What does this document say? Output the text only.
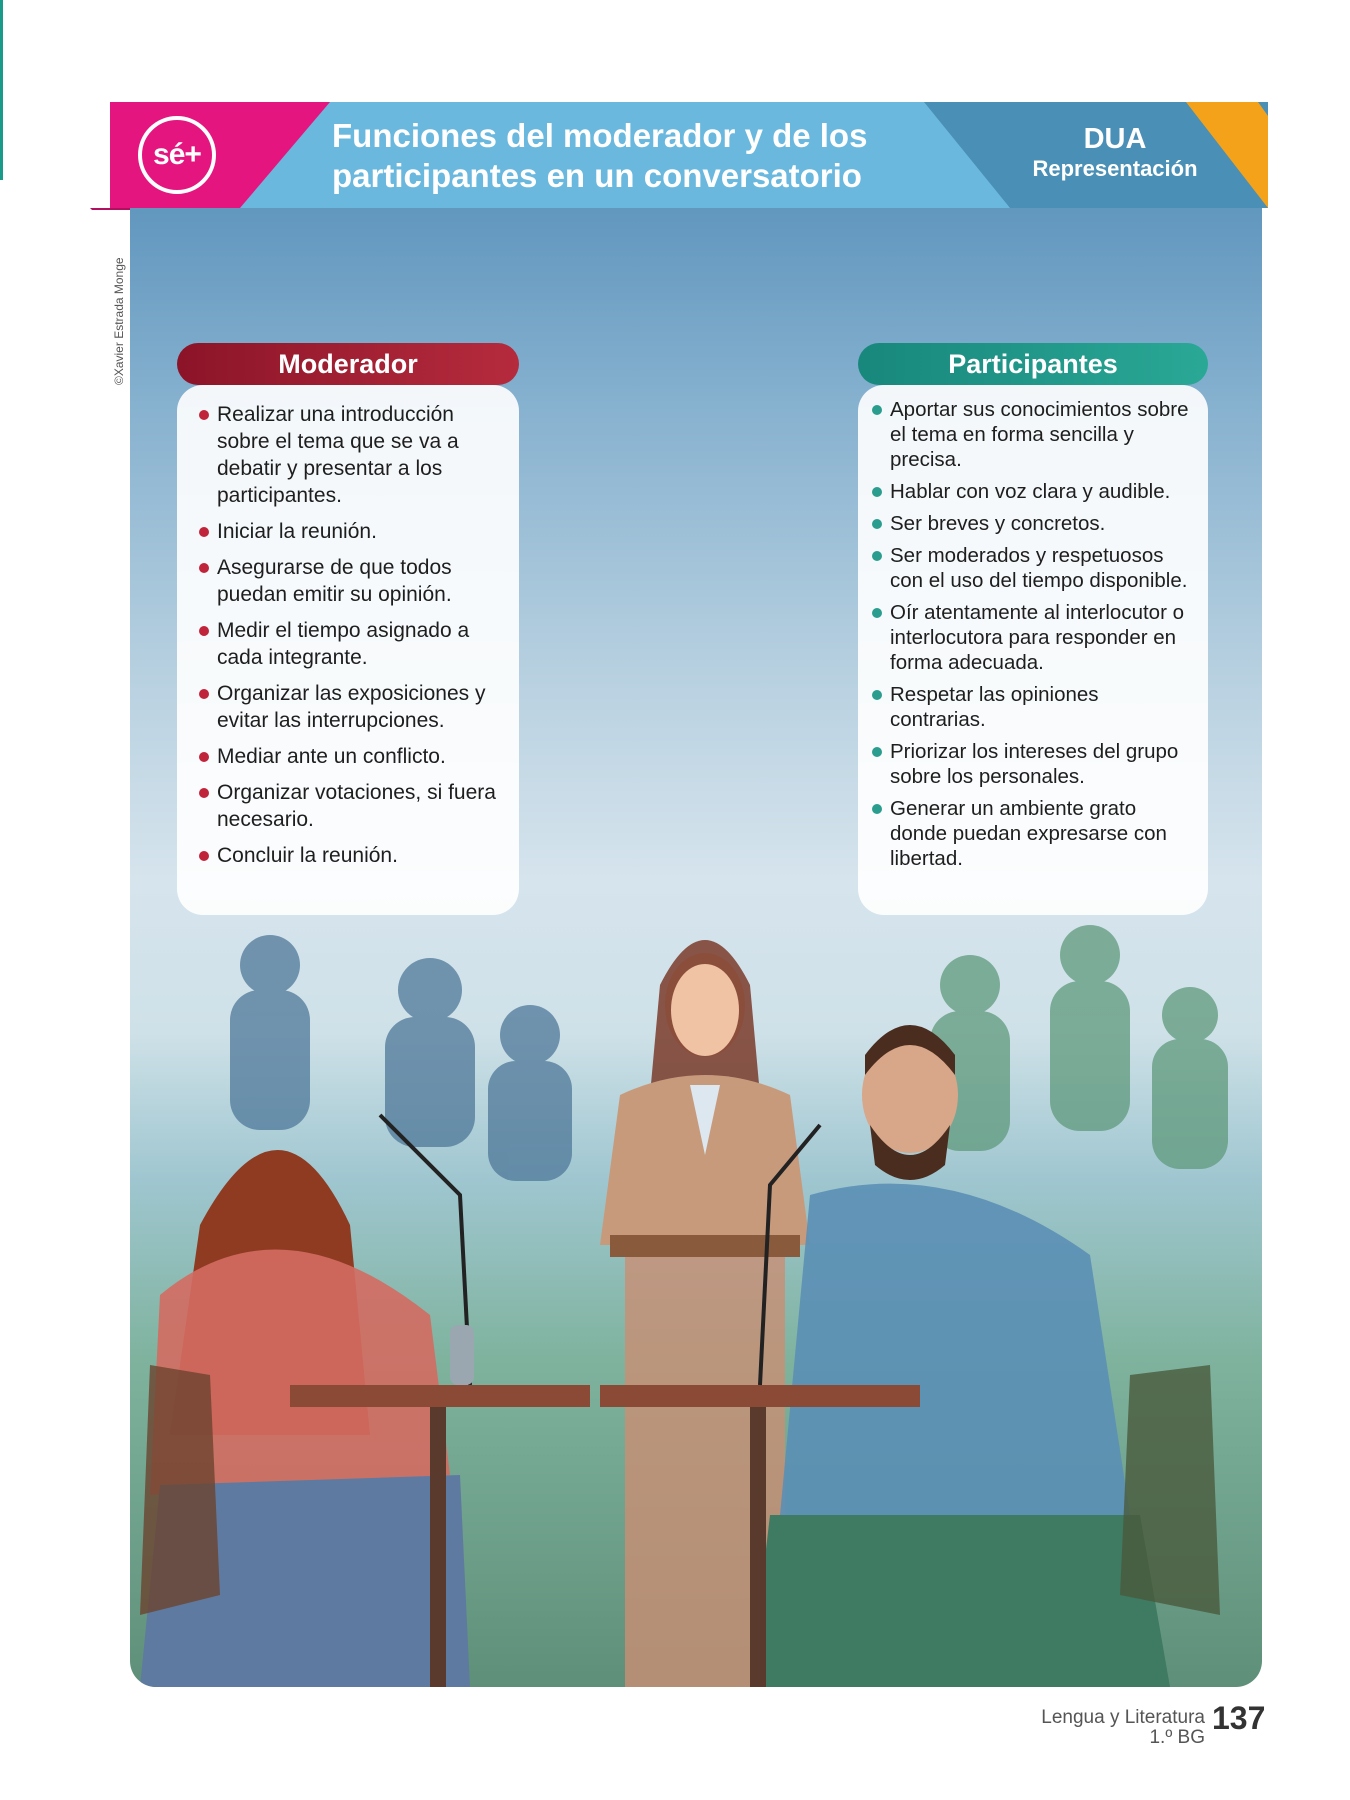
sé+
Funciones del moderador y de los
participantes en un conversatorio
DUA
Representación
©Xavier Estrada Monge
Realizar una introducción sobre el tema que se va a debatir y presentar a los participantes.
Iniciar la reunión.
Asegurarse de que todos puedan emitir su opinión.
Medir el tiempo asignado a cada integrante.
Organizar las exposiciones y evitar las interrupciones.
Mediar ante un conflicto.
Organizar votaciones, si fuera necesario.
Concluir la reunión.
Moderador
Aportar sus conocimientos sobre el tema en forma sencilla y precisa.
Hablar con voz clara y audible.
Ser breves y concretos.
Ser moderados y respetuosos con el uso del tiempo disponible.
Oír atentamente al interlocutor o interlocutora para responder en forma adecuada.
Respetar las opiniones contrarias.
Priorizar los intereses del grupo sobre los personales.
Generar un ambiente grato donde puedan expresarse con libertad.
Participantes
Lengua y Literatura
1.º BG
137
